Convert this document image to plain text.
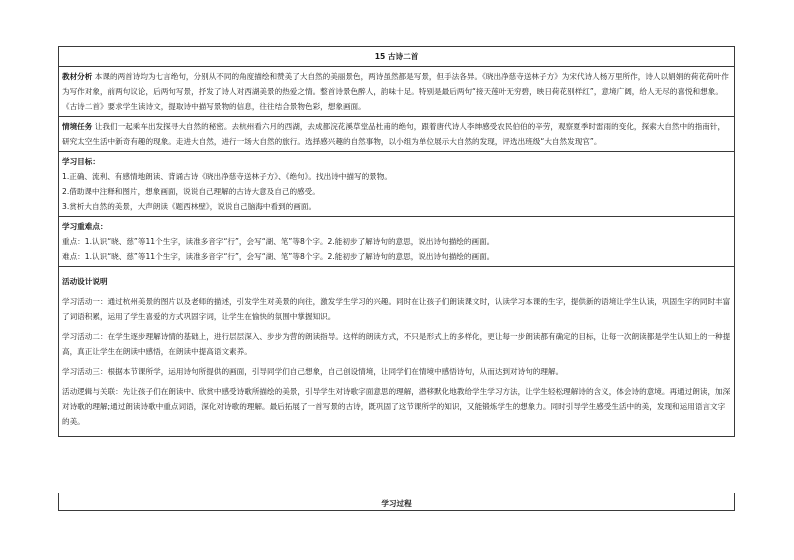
15 古诗二首

教材分析 本课的两首诗均为七言绝句，分别从不同的角度描绘和赞美了大自然的美丽景色，两诗虽然都是写景，但手法各异。《晓出净慈寺送林子方》为宋代诗人杨万里所作，诗人以娟娟的荷花荷叶作为写作对象，前两句议论，后两句写景，抒发了诗人对西湖美景的热爱之情。整首诗景色醉人，韵味十足。特别是最后两句“接天莲叶无穷碧，映日荷花别样红”，意境广阔，给人无尽的喜悦和想象。《古诗二首》要求学生读诗文，提取诗中描写景物的信息，往往结合景物色彩，想象画面。

情境任务 让我们一起乘车出发探寻大自然的秘密。去杭州看六月的西湖，去成都浣花溪草堂品杜甫的绝句，跟着唐代诗人李绅感受农民伯伯的辛劳，观察夏季时雷雨的变化，探索大自然中的指南针，研究太空生活中新奇有趣的现象。走进大自然，进行一场大自然的旅行。选择感兴趣的自然事物，以小组为单位展示大自然的发现，评选出班级“大自然发现官”。

学习目标：
1.正确、流利、有感情地朗读、背诵古诗《晓出净慈寺送林子方》、《绝句》。找出诗中描写的景物。
2.借助课中注释和图片，想象画面，说说自己理解的古诗大意及自己的感受。
3.赏析大自然的美景，大声朗读《题西林壁》，说说自己脑海中看到的画面。

学习重难点：
重点：1.认识“晓、慈”等11个生字，读准多音字“行”，会写“湖、笔”等8个字。2.能初步了解诗句的意思，说出诗句描绘的画面。
难点：1.认识“晓、慈”等11个生字，读准多音字“行”，会写“湖、笔”等8个字。2.能初步了解诗句的意思，说出诗句描绘的画面。

活动设计说明
学习活动一：通过杭州美景的图片以及老师的描述，引发学生对美景的向往，激发学生学习的兴趣。同时在让孩子们朗读课文时，认读学习本课的生字，提供新的语境让学生认读，巩固生字的同时丰富了词语积累，运用了学生喜爱的方式巩固字词，让学生在愉快的氛围中掌握知识。
学习活动二：在学生逐步理解诗情的基础上，进行层层深入、步步为营的朗读指导。这样的朗读方式，不只是形式上的多样化，更让每一步朗读都有确定的目标，让每一次朗读都是学生认知上的一种提高，真正让学生在朗读中感悟，在朗读中提高语文素养。
学习活动三：根据本节课所学，运用诗句所提供的画面，引导同学们自己想象，自己创设情境，让同学们在情境中感悟诗句，从而达到对诗句的理解。
活动逻辑与关联：先让孩子们在朗读中、欣赏中感受诗歌所描绘的美景，引导学生对诗歌字面意思的理解，潜移默化地教给学生学习方法，让学生轻松理解诗的含义，体会诗的意境。再通过朗读，加深对诗歌的理解;通过朗读诗歌中重点词语，深化对诗歌的理解。最后拓展了一首写景的古诗，既巩固了这节课所学的知识，又能锻炼学生的想象力。同时引导学生感受生活中的美，发现和运用语言文字的美。
学习过程
